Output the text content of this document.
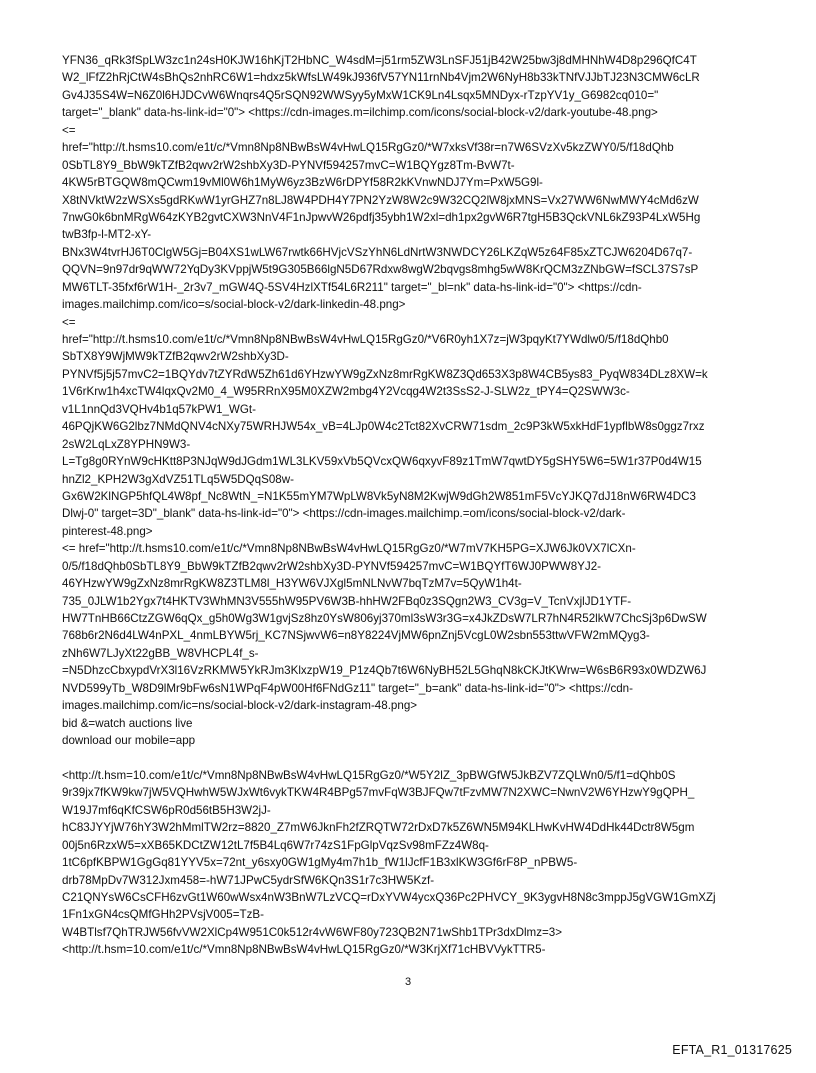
YFN36_qRk3fSpLW3zc1n24sH0KJW16hKjT2HbNC_W4sdM=j51rm5ZW3LnSFJ51jB42W25bw3j8dMHNhW4D8p296QfC4T
W2_lFfZ2hRjCtW4sBhQs2nhRC6W1=hdxz5kWfsLW49kJ936fV57YN11rnNb4Vjm2W6NyH8b33kTNfVJJbTJ23N3CMW6cLR
Gv4J35S4W=N6Z0l6HJDCvW6Wnqrs4Q5rSQN92WWSyy5yMxW1CK9Ln4Lsqx5MNDyx-rTzpYV1y_G6982cq010="
target="_blank" data-hs-link-id="0"> <https://cdn-images.m=ilchimp.com/icons/social-block-v2/dark-youtube-48.png>
<=
href="http://t.hsms10.com/e1t/c/*Vmn8Np8NBwBsW4vHwLQ15RgGz0/*W7xksVf38r=n7W6SVzXv5kzZWY0/5/f18dQhb
0SbTL8Y9_BbW9kTZfB2qwv2rW2shbXy3D-PYNVf594257mvC=W1BQYgz8Tm-BvW7t-
4KW5rBTGQW8mQCwm19vMl0W6h1MyW6yz3BzW6rDPYf58R2kKVnwNDJ7Ym=PxW5G9l-
X8tNVktW2zWSXs5gdRKwW1yrGHZ7n8LJ8W4PDH4Y7PN2YzW8W2c9W32CQ2lW8jxMNS=Vx27WW6NwMWY4cMd6zW
7nwG0k6bnMRgW64zKYB2gvtCXW3NnV4F1nJpwvW26pdfj35ybh1W2xl=dh1px2gvW6R7tgH5B3QckVNL6kZ93P4LxW5Hg
twB3fp-l-MT2-xY-
BNx3W4tvrHJ6T0ClgW5Gj=B04XS1wLW67rwtk66HVjcVSzYhN6LdNrtW3NWDCY26LKZqW5z64F85xZTCJW6204D67q7-
QQVN=9n97dr9qWW72YqDy3KVppjW5t9G305B66lgN5D67Rdxw8wgW2bqvgs8mhg5wW8KrQCM3zZNbGW=fSCL37S7sP
MW6TLT-35fxf6rW1H-_2r3v7_mGW4Q-5SV4HzlXTf54L6R211" target="_bl=nk" data-hs-link-id="0"> <https://cdn-
images.mailchimp.com/ico=s/social-block-v2/dark-linkedin-48.png>
<=
href="http://t.hsms10.com/e1t/c/*Vmn8Np8NBwBsW4vHwLQ15RgGz0/*V6R0yh1X7z=jW3pqyKt7YWdlw0/5/f18dQhb0
SbTX8Y9WjMW9kTZfB2qwv2rW2shbXy3D-
PYNVf5j5j57mvC2=1BQYdv7tZYRdW5Zh61d6YHzwYW9gZxNz8mrRgKW8Z3Qd653X3p8W4CB5ys83_PyqW834DLz8XW=k
1V6rKrw1h4xcTW4lqxQv2M0_4_W95RRnX95M0XZW2mbg4Y2Vcqg4W2t3SsS2-J-SLW2z_tPY4=Q2SWW3c-
v1L1nnQd3VQHv4b1q57kPW1_WGt-
46PQjKW6G2lbz7NMdQNV4cNXy75WRHJW54x_vB=4LJp0W4c2Tct82XvCRW71sdm_2c9P3kW5xkHdF1ypflbW8s0ggz7rxz
2sW2LqLxZ8YPHN9W3-
L=Tg8g0RYnW9cHKtt8P3NJqW9dJGdm1WL3LKV59xVb5QVcxQW6qxyvF89z1TmW7qwtDY5gSHY5W6=5W1r37P0d4W15
hnZl2_KPH2W3gXdVZ51TLq5W5DQqS08w-
Gx6W2KlNGP5hfQL4W8pf_Nc8WtN_=N1K55mYM7WpLW8Vk5yN8M2KwjW9dGh2W851mF5VcYJKQ7dJ18nW6RW4DC3
Dlwj-0" target=3D"_blank" data-hs-link-id="0"> <https://cdn-images.mailchimp.=om/icons/social-block-v2/dark-
pinterest-48.png>
<= href="http://t.hsms10.com/e1t/c/*Vmn8Np8NBwBsW4vHwLQ15RgGz0/*W7mV7KH5PG=XJW6Jk0VX7lCXn-
0/5/f18dQhb0SbTL8Y9_BbW9kTZfB2qwv2rW2shbXy3D-PYNVf594257mvC=W1BQYfT6WJ0PWW8YJ2-
46YHzwYW9gZxNz8mrRgKW8Z3TLM8l_H3YW6VJXgl5mNLNvW7bqTzM7v=5QyW1h4t-
735_0JLW1b2Ygx7t4HKTV3WhMN3V555hW95PV6W3B-hhHW2FBq0z3SQgn2W3_CV3g=V_TcnVxjlJD1YTF-
HW7TnHB66CtzZGW6qQx_g5h0Wg3W1gvjSz8hz0YsW806yj370ml3sW3r3G=x4JkZDsW7LR7hN4R52lkW7ChcSj3p6DwSW
768b6r2N6d4LW4nPXL_4nmLBYW5rj_KC7NSjwvW6=n8Y8224VjMW6pnZnj5VcgL0W2sbn553ttwVFW2mMQyg3-
zNh6W7LJyXt22gBB_W8VHCPL4f_s-
=N5DhzcCbxypdVrX3l16VzRKMW5YkRJm3KlxzpW19_P1z4Qb7t6W6NyBH52L5GhqN8kCKJtKWrw=W6sB6R93x0WDZW6J
NVD599yTb_W8D9lMr9bFw6sN1WPqF4pW00Hf6FNdGz11" target="_b=ank" data-hs-link-id="0"> <https://cdn-
images.mailchimp.com/ic=ns/social-block-v2/dark-instagram-48.png>
bid &=watch auctions live
download our mobile=app
<http://t.hsm=10.com/e1t/c/*Vmn8Np8NBwBsW4vHwLQ15RgGz0/*W5Y2lZ_3pBWGfW5JkBZV7ZQLWn0/5/f1=dQhb0S
9r39jx7fKW9kw7jW5VQHwhW5WJxWt6vykTKW4R4BPg57mvFqW3BJFQw7tFzvMW7N2XWC=NwnV2W6YHzwY9gQPH_
W19J7mf6qKfCSW6pR0d56tB5H3W2jJ-
hC83JYYjW76hY3W2hMmlTW2rz=8820_Z7mW6JknFh2fZRQTW72rDxD7k5Z6WN5M94KLHwKvHW4DdHk44Dctr8W5gm
00j5n6RzxW5=xXB65KDCtZW12tL7f5B4Lq6W7r74zS1FpGlpVqzSv98mFZz4W8q-
1tC6pfKBPW1GgGq81YYV5x=72nt_y6sxy0GW1gMy4m7h1b_fW1lJcfF1B3xlKW3Gf6rF8P_nPBW5-
drb78MpDv7W312Jxm458=-hW71JPwC5ydrSfW6KQn3S1r7c3HW5Kzf-
C21QNYsW6CsCFH6zvGt1W60wWsx4nW3BnW7LzVCQ=rDxYVW4ycxQ36Pc2PHVCY_9K3ygvH8N8c3mppJ5gVGW1GmXZj
1Fn1xGN4csQMfGHh2PVsjV005=TzB-
W4BTlsf7QhTRJW56fvVW2XlCp4W951C0k512r4vW6WF80y723QB2N71wShb1TPr3dxDlmz=3>
<http://t.hsm=10.com/e1t/c/*Vmn8Np8NBwBsW4vHwLQ15RgGz0/*W3KrjXf71cHBVVykTTR5-
3
EFTA_R1_01317625
